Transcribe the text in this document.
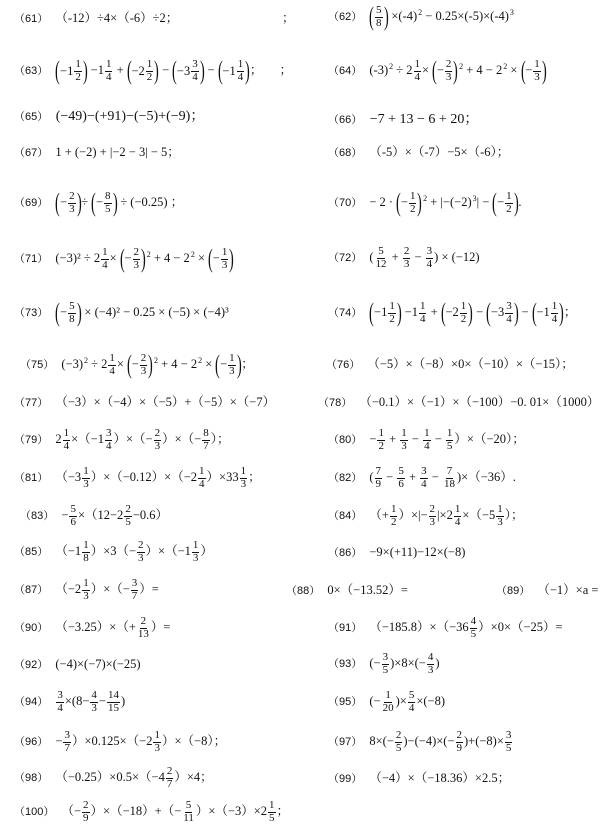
（61） （-12）÷4×（-6）÷2；	；	（62） ( $\frac{5}{8}$ ) $\times(-4)^2 - 0.25\times(-5)\times(-4)^3$
（63） ($-1 \frac{1}{2}$ ) $-1 \frac{1}{4} + (-2 \frac{1}{2}$ ) − ($-3 \frac{3}{4}$ ) − ($-1 \frac{1}{4}$ )； ；	（64） $(-3)^2 \div 2 \frac{1}{4}$ × (− $\frac{2}{3} )^2 + 4 - 2^2$ × (− $\frac{1}{3}$ )
（65） (−49)−(+91)−(−5)+(−9)；	（66） −7 + 13 − 6 + 20；
（67） 1 + (−2) + |−2 − 3| − 5；	（68） （-5）×（-7）−5×（-6）；
（69） (− $\frac{2}{3}$ )÷ (− $\frac{8}{5}$ ) ÷ (−0.25) ；	（70） − 2 · (− $\frac{1}{2} )^2 + |-(-2)^3|$ − (− $\frac{1}{2}$ ).
（71） $(-3)^2 \div 2 \frac{1}{4}$ × (− $\frac{2}{3} )^2 + 4 - 2^2$ × (− $\frac{1}{3}$ )	（72） ( $\frac{5}{12} + \frac{2}{3} - \frac{3}{4}$ ) × (−12)
（73） (− $\frac{5}{8}$ ) × (−4)² − 0.25 × (−5) × (−4)³	（74） ($-1 \frac{1}{2}$ ) $-1 \frac{1}{4} + (-2 \frac{1}{2}$ ) − ($-3 \frac{3}{4}$ ) − ($-1 \frac{1}{4}$ )；
（75） $(-3)^2 \div 2 \frac{1}{4}$ × (− $\frac{2}{3} )^2 + 4 - 2^2$ × (− $\frac{1}{3}$ )；	（76） （−5）×（−8）×0×（−10）×（−15）；
（77） （−3）×（−4）×（−5）+（−5）×（−7）	（78） （−0.1）×（−1）×（−100）−0. 01×（1000）
（79） $2 \frac{1}{4} \times(-1 \frac{3}{4}$ ）×（− $\frac{2}{3}$ ）×（− $\frac{8}{7}$ ）；	$(80) - \frac{1}{2} + \frac{1}{3} - \frac{1}{4} - \frac{1}{5} )\times(-20)$；
（81） $(-3 \frac{1}{3} )\times(-0.12)\times(-2 \frac{1}{4} )\times 33 \frac{1}{3}$ ；	（82） ( $\frac{7}{9} - \frac{5}{6} + \frac{3}{4} - \frac{7}{18} )\times(-36)$.
$(83) - \frac{5}{6} \times(12-2 \frac{2}{5} -0.6)$	（84） （+ $\frac{1}{2}$ ）×|− $\frac{2}{3} |\times 2 \frac{1}{4} \times(-5 \frac{1}{3}$ ）；
（85） $(-1 \frac{1}{8} )\times 3(- \frac{2}{3} )\times(-1 \frac{1}{3}$ ）	（86） −9×(+11)−12×(−8)
（87） （$-2 \frac{1}{3}$ ）×（− $\frac{3}{7}$ ）=	（88） 0×（−13.52）=	（89） （−1）×a =
（90） $(-3.25)\times(+ \frac{2}{13}$ ）=	（91） $(-185.8)\times(-36 \frac{4}{5} )\times 0\times(-25)=$
（92） (−4)×(−7)×(−25)	（93） (− $\frac{3}{5} )\times 8\times(- \frac{4}{3}$ )
$(94) \frac{3}{4} \times(8- \frac{4}{3} - \frac{14}{15}$ )	（95） (− $\frac{1}{20}$ )× $\frac{5}{4} \times(-8)$
$(96) - \frac{3}{7} )\times 0.125\times(-2 \frac{1}{3} )\times(-8)$；	（97） $8\times(- \frac{2}{5} )-(-4)\times(- \frac{2}{9} )+(-8)\times \frac{3}{5}$
（98） $(-0.25)\times 0.5\times(-4 \frac{2}{7} )\times 4$；	（99） （−4）×（−18.36）×2.5；
（100） （− $\frac{2}{9} )\times(-18)+(- \frac{5}{11} )\times(-3)\times 2 \frac{1}{5}$ ；
